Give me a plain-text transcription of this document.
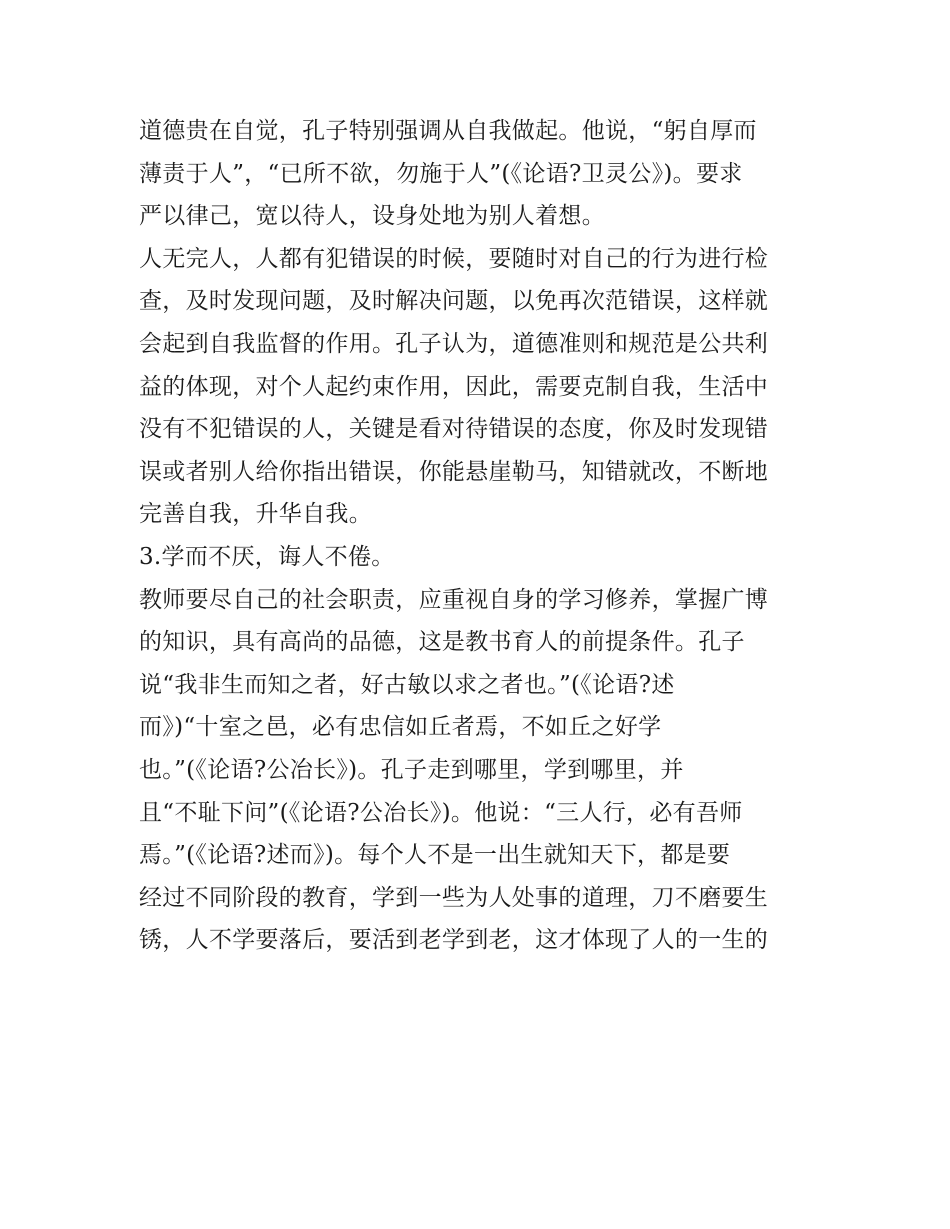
道德贵在自觉，孔子特别强调从自我做起。他说，“躬自厚而
薄责于人”，“已所不欲，勿施于人”(《论语?卫灵公》)。要求
严以律己，宽以待人，设身处地为别人着想。
人无完人，人都有犯错误的时候，要随时对自己的行为进行检
查，及时发现问题，及时解决问题，以免再次范错误，这样就
会起到自我监督的作用。孔子认为，道德准则和规范是公共利
益的体现，对个人起约束作用，因此，需要克制自我，生活中
没有不犯错误的人，关键是看对待错误的态度，你及时发现错
误或者别人给你指出错误，你能悬崖勒马，知错就改，不断地
完善自我，升华自我。
3.学而不厌，诲人不倦。
教师要尽自己的社会职责，应重视自身的学习修养，掌握广博
的知识，具有高尚的品德，这是教书育人的前提条件。孔子
说“我非生而知之者，好古敏以求之者也。”(《论语?述
而》)“十室之邑，必有忠信如丘者焉，不如丘之好学
也。”(《论语?公冶长》)。孔子走到哪里，学到哪里，并
且“不耻下问”(《论语?公冶长》)。他说：“三人行，必有吾师
焉。”(《论语?述而》)。每个人不是一出生就知天下，都是要
经过不同阶段的教育，学到一些为人处事的道理，刀不磨要生
锈，人不学要落后，要活到老学到老，这才体现了人的一生的
